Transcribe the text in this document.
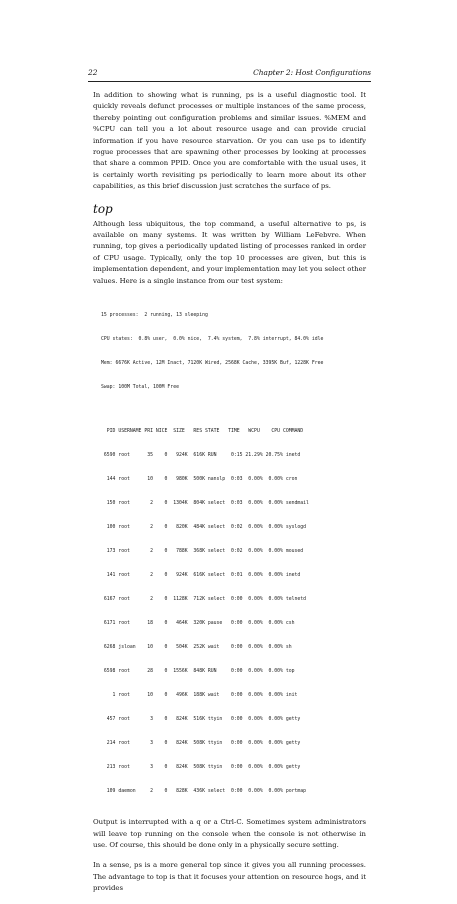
22	Chapter 2: Host Configurations

In addition to showing what is running, ps is a useful diagnostic tool. It quickly reveals defunct processes or multiple instances of the same process, thereby pointing out configuration problems and similar issues. %MEM and %CPU can tell you a lot about resource usage and can provide crucial information if you have resource starvation. Or you can use ps to identify rogue processes that are spawning other processes by looking at processes that share a common PPID. Once you are comfortable with the usual uses, it is certainly worth revisiting ps periodically to learn more about its other capabilities, as this brief discussion just scratches the surface of ps.

top

Although less ubiquitous, the top command, a useful alternative to ps, is available on many systems. It was written by William LeFebvre. When running, top gives a periodically updated listing of processes ranked in order of CPU usage. Typically, only the top 10 processes are given, but this is implementation dependent, and your implementation may let you select other values. Here is a single instance from our test system:

15 processes:  2 running, 13 sleeping

CPU states:  0.8% user,  0.0% nice,  7.4% system,  7.8% interrupt, 84.0% idle

Mem: 6676K Active, 12M Inact, 7120K Wired, 2568K Cache, 3395K Buf, 1228K Free

Swap: 100M Total, 100M Free

PID USERNAME PRI NICE  SIZE   RES STATE   TIME   WCPU    CPU COMMAND

6590 root      35    0   924K  616K RUN     0:15 21.29% 20.75% inetd

144 root      10    0   980K  500K nanslp  0:03  0.00%  0.00% cron

150 root       2    0  1304K  804K select  0:03  0.00%  0.00% sendmail

100 root       2    0   820K  484K select  0:02  0.00%  0.00% syslogd

173 root       2    0   788K  368K select  0:02  0.00%  0.00% moused

141 root       2    0   924K  616K select  0:01  0.00%  0.00% inetd

6167 root       2    0  1128K  712K select  0:00  0.00%  0.00% telnetd

6171 root      18    0   464K  320K pause   0:00  0.00%  0.00% csh

6268 jsloan    10    0   504K  252K wait    0:00  0.00%  0.00% sh

6598 root      28    0  1556K  848K RUN     0:00  0.00%  0.00% top

1 root      10    0   496K  188K wait    0:00  0.00%  0.00% init

457 root       3    0   824K  516K ttyin   0:00  0.00%  0.00% getty

214 root       3    0   824K  508K ttyin   0:00  0.00%  0.00% getty

213 root       3    0   824K  508K ttyin   0:00  0.00%  0.00% getty

109 daemon     2    0   828K  436K select  0:00  0.00%  0.00% portmap

Output is interrupted with a q or a Ctrl-C. Sometimes system administrators will leave top running on the console when the console is not otherwise in use. Of course, this should be done only in a physically secure setting.

In a sense, ps is a more general top since it gives you all running processes. The advantage to top is that it focuses your attention on resource hogs, and it provides
